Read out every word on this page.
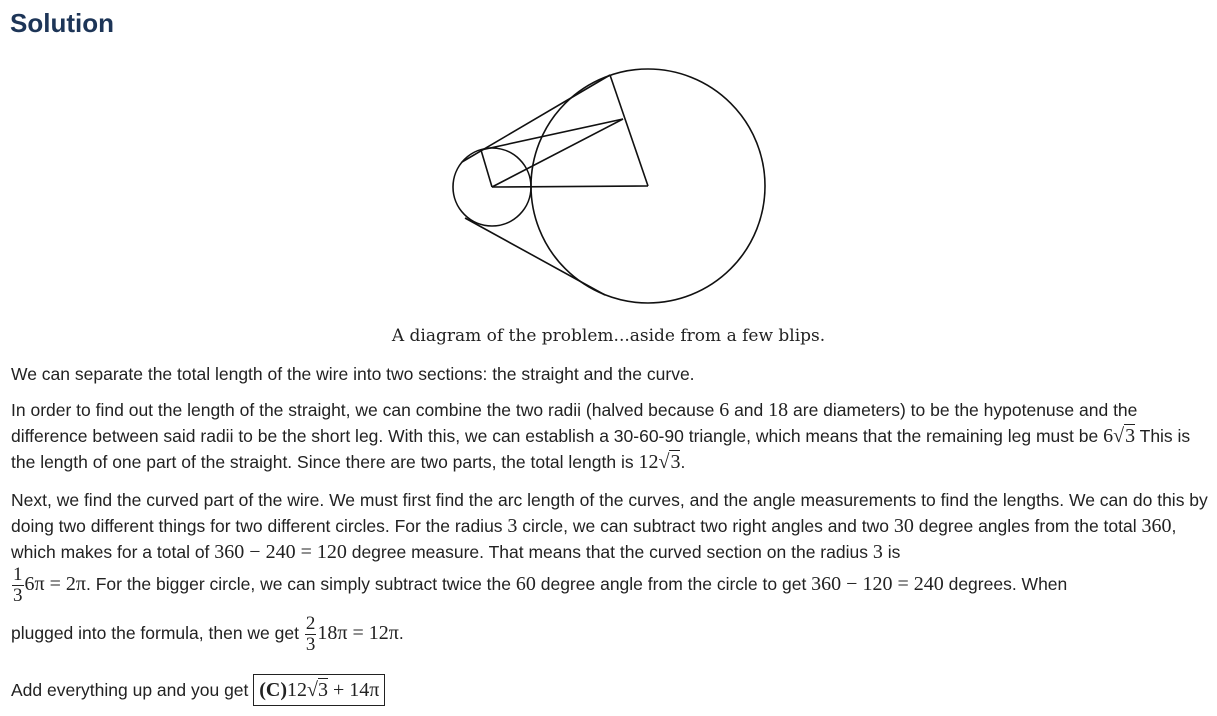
Solution
A diagram of the problem...aside from a few blips.
We can separate the total length of the wire into two sections: the straight and the curve.
In order to find out the length of the straight, we can combine the two radii (halved because 6 and 18 are diameters) to be the hypotenuse and the difference between said radii to be the short leg. With this, we can establish a 30-60-90 triangle, which means that the remaining leg must be 6√3 This is the length of one part of the straight. Since there are two parts, the total length is 12√3.
Next, we find the curved part of the wire. We must first find the arc length of the curves, and the angle measurements to find the lengths. We can do this by doing two different things for two different circles. For the radius 3 circle, we can subtract two right angles and two 30 degree angles from the total 360, which makes for a total of 360 − 240 = 120 degree measure. That means that the curved section on the radius 3 is

$\frac{1}{3} 6\pi = 2\pi$. For the bigger circle, we can simply subtract twice the 60 degree angle from the circle to get 360 − 120 = 240 degrees. When
plugged into the formula, then we get $\frac{2}{3} 18\pi = 12\pi$.
Add everything up and you get (C)12√3 + 14π
